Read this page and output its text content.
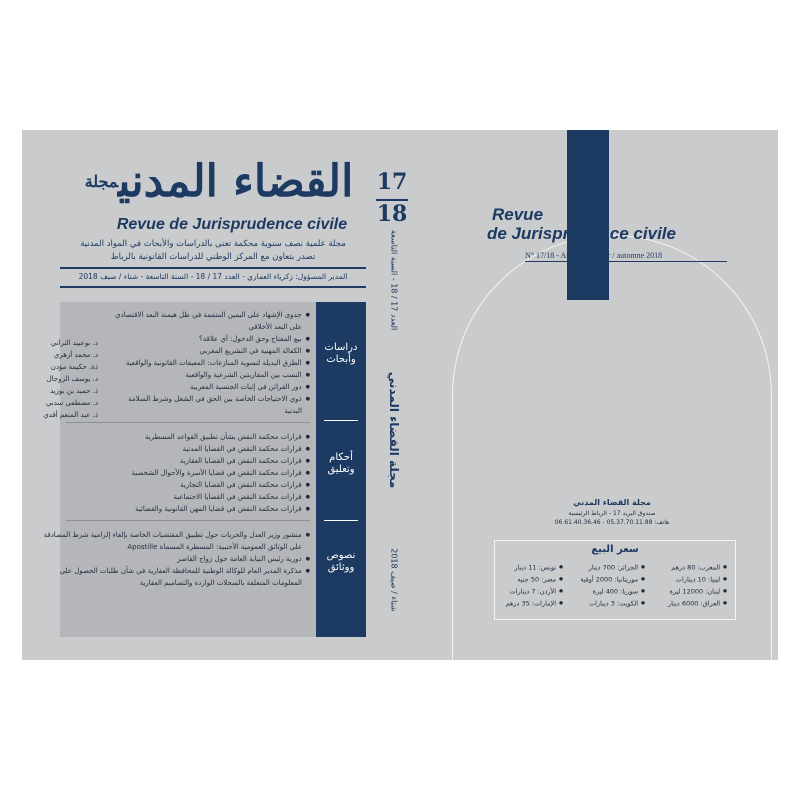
القضاء المدني$^{مجلة}$
Revue de Jurisprudence civile
مجلة علمية نصف سنوية محكمة تعنى بالدراسات والأبحاث في المواد المدنية
تصدر بتعاون مع المركز الوطني للدراسات القانونية بالرباط
المدير المسؤول: زكرياء العماري - العدد 17 / 18 - السنة التاسعة - شتاء / صيف 2018
● جدوى الإشهاد على اليمين المتممة في ظل هيمنة البعد الاقتصادي
على البعد الأخلاقي
● بيع المفتاح وحق الدخول: أي علاقة؟
● الكفالة المهنية في التشريع المغربي
● الطرق البديلة لتسوية المنازعات: المعيقات القانونية والواقعية
● النسب بين المقاربتين الشرعية والواقعية
● دور القرائن في إثبات الجنسية المغربية
● ذوي الاحتياجات الخاصة بين الحق في الشغل وشرط السلامة
البدنية
● قرارات محكمة النقض بشأن تطبيق القواعد المسطرية
● قرارات محكمة النقض في القضايا المدنية
● قرارات محكمة النقض في القضايا العقارية
● قرارات محكمة النقض في قضايا الأسرة والأحوال الشخصية
● قرارات محكمة النقض في القضايا التجارية
● قرارات محكمة النقض في القضايا الاجتماعية
● قرارات محكمة النقض في قضايا المهن القانونية والقضائية
● منشور وزير العدل والحريات حول تطبيق المقتضيات الخاصة بإلغاء إلزامية شرط المصادقة
على الوثائق العمومية الأجنبية: المسطرة المسماة Apostille
● دورية رئيس النيابة العامة حول زواج القاصر
● مذكرة المدير العام للوكالة الوطنية للمحافظة العقارية في شأن طلبات الحصول على
المعلومات المتعلقة بالسجلات الواردة والتصاميم العقارية
د. بوعبيد التراني
د. محمد أزهري
ذة. حكيمة مؤدن
د. يوسف الزوجال
ذ. حميد بن بوزيد
د. مصطفى سدني
ذ. عبد المنعم أقدي
دراسات وأبحاث
أحكام وتعليق
نصوص ووثائق
17
18
العدد 17 / 18 - السنة التاسعة
مجلة القضاء المدني
شتاء / صيف 2018
Revue
de Jurisprudence civile
N° 17/18 - Année 9 - hiver / automne 2018
مجلة القضاء المدني
صندوق البريد 17 - الرباط الرئيسية
هاتف: 05.37.70.11.88 - 06.61.40.36.46
سعر البيع
● المغرب: 80 درهم
● الجزائر: 700 دينار
● تونس: 11 دينار
● ليبيا: 10 دينارات
● موريتانيا: 2000 أوقية
● مصر: 50 جنيه
● لبنان: 12000 ليرة
● سوريا: 400 ليرة
● الأردن: 7 دينارات
● العراق: 6000 دينار
● الكويت: 3 دينارات
● الإمارات: 35 درهم
